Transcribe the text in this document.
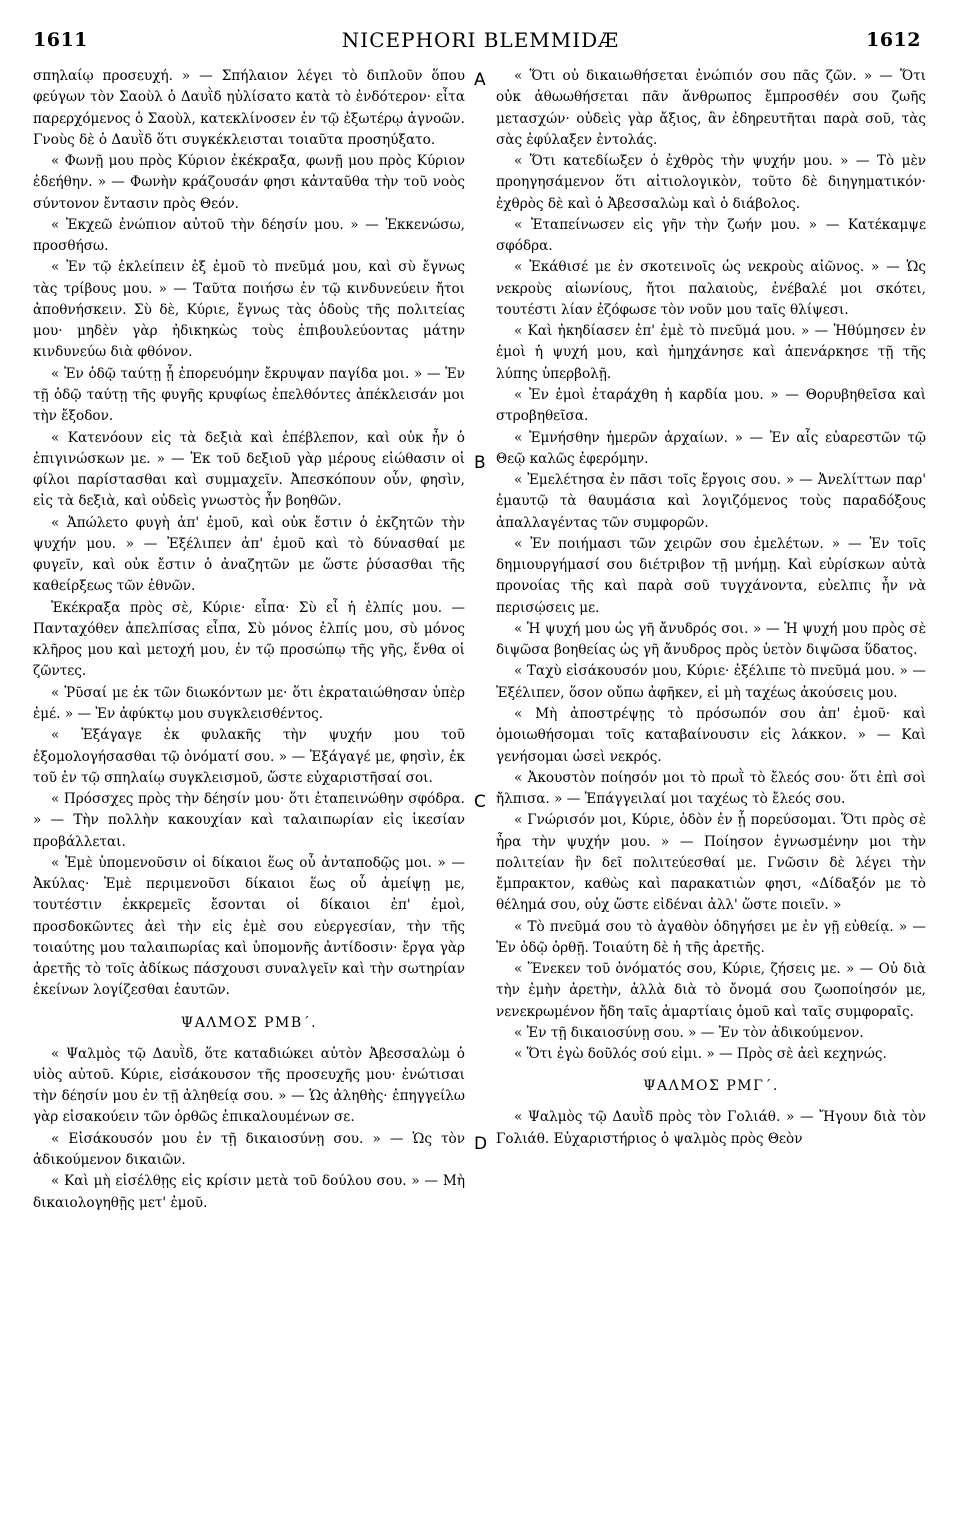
1611	NICEPHORI BLEMMIDÆ	1612

σπηλαίῳ προσευχή. » — Σπήλαιον λέγει τὸ διπλοῦν ὅπου φεύγων τὸν Σαοὺλ ὁ Δαυῒδ ηὐλίσατο κατὰ τὸ ἐνδότερον· εἶτα παρερχόμενος ὁ Σαοὺλ, κατεκλίνοσεν ἐν τῷ ἐξωτέρῳ ἀγνοῶν. Γνοὺς δὲ ὁ Δαυῒδ ὅτι συγκέκλεισται τοιαῦτα προσηύξατο.

« Φωνῇ μου πρὸς Κύριον ἐκέκραξα, φωνῇ μου πρὸς Κύριον ἐδεήθην. » — Φωνὴν κράζουσάν φησι κἀνταῦθα τὴν τοῦ νοὸς σύντονον ἔντασιν πρὸς Θεόν.

« Ἐκχεῶ ἐνώπιον αὐτοῦ τὴν δέησίν μου. » — Ἐκκενώσω, προσθήσω.

« Ἐν τῷ ἐκλείπειν ἐξ ἐμοῦ τὸ πνεῦμά μου, καὶ σὺ ἔγνως τὰς τρίβους μου. » — Ταῦτα ποιήσω ἐν τῷ κινδυνεύειν ἤτοι ἀποθνήσκειν. Σὺ δὲ, Κύριε, ἔγνως τὰς ὁδοὺς τῆς πολιτείας μου· μηδὲν γὰρ ἠδικηκὼς τοὺς ἐπιβουλεύοντας μάτην κινδυνεύω διὰ φθόνον.

« Ἐν ὁδῷ ταύτῃ ᾗ ἐπορευόμην ἔκρυψαν παγίδα μοι. » — Ἐν τῇ ὁδῷ ταύτῃ τῆς φυγῆς κρυφίως ἐπελθόντες ἀπέκλεισάν μοι τὴν ἔξοδον.

« Κατενόουν εἰς τὰ δεξιὰ καὶ ἐπέβλεπον, καὶ οὐκ ἦν ὁ ἐπιγινώσκων με. » — Ἐκ τοῦ δεξιοῦ γὰρ μέρους εἰώθασιν οἱ φίλοι παρίστασθαι καὶ συμμαχεῖν. Ἀπεσκόπουν οὖν, φησὶν, εἰς τὰ δεξιὰ, καὶ οὐδεὶς γνωστὸς ἦν βοηθῶν.

« Ἀπώλετο φυγὴ ἀπ' ἐμοῦ, καὶ οὐκ ἔστιν ὁ ἐκζητῶν τὴν ψυχήν μου. » — Ἐξέλιπεν ἀπ' ἐμοῦ καὶ τὸ δύνασθαί με φυγεῖν, καὶ οὐκ ἔστιν ὁ ἀναζητῶν με ὥστε ῥύσασθαι τῆς καθείρξεως τῶν ἐθνῶν.

Ἐκέκραξα πρὸς σὲ, Κύριε· εἶπα· Σὺ εἶ ἡ ἐλπίς μου. — Πανταχόθεν ἀπελπίσας εἶπα, Σὺ μόνος ἐλπίς μου, σὺ μόνος κλῆρος μου καὶ μετοχή μου, ἐν τῷ προσώπῳ τῆς γῆς, ἔνθα οἱ ζῶντες.

« Ῥῦσαί με ἐκ τῶν διωκόντων με· ὅτι ἐκραταιώθησαν ὑπὲρ ἐμέ. » — Ἐν ἀφύκτῳ μου συγκλεισθέντος.

« Ἐξάγαγε ἐκ φυλακῆς τὴν ψυχήν μου τοῦ ἐξομολογήσασθαι τῷ ὀνόματί σου. » — Ἐξάγαγέ με, φησὶν, ἐκ τοῦ ἐν τῷ σπηλαίῳ συγκλεισμοῦ, ὥστε εὐχαριστῆσαί σοι.

« Πρόσσχες πρὸς τὴν δέησίν μου· ὅτι ἐταπεινώθην σφόδρα. » — Τὴν πολλὴν κακουχίαν καὶ ταλαιπωρίαν εἰς ἱκεσίαν προβάλλεται.

« Ἐμὲ ὑπομενοῦσιν οἱ δίκαιοι ἕως οὗ ἀνταποδῷς μοι. » — Ἀκύλας· Ἐμὲ περιμενοῦσι δίκαιοι ἕως οὗ ἀμείψῃ με, τουτέστιν ἐκκρεμεῖς ἔσονται οἱ δίκαιοι ἐπ' ἐμοὶ, προσδοκῶντες ἀεὶ τὴν εἰς ἐμὲ σου εὐεργεσίαν, τὴν τῆς τοιαύτης μου ταλαιπωρίας καὶ ὑπομονῆς ἀντίδοσιν· ἔργα γὰρ ἀρετῆς τὸ τοῖς ἀδίκως πάσχουσι συναλγεῖν καὶ τὴν σωτηρίαν ἐκείνων λογίζεσθαι ἑαυτῶν.

ΨΑΛΜΟΣ ΡΜΒ΄.

« Ψαλμὸς τῷ Δαυῒδ, ὅτε καταδιώκει αὐτὸν Ἀβεσσαλὼμ ὁ υἱὸς αὐτοῦ. Κύριε, εἰσάκουσον τῆς προσευχῆς μου· ἐνώτισαι τὴν δέησίν μου ἐν τῇ ἀληθείᾳ σου. » — Ὡς ἀληθὴς· ἐπηγγείλω γὰρ εἰσακούειν τῶν ὀρθῶς ἐπικαλουμένων σε.

« Εἰσάκουσόν μου ἐν τῇ δικαιοσύνῃ σου. » — Ὡς τὸν ἀδικούμενον δικαιῶν.

« Καὶ μὴ εἰσέλθῃς εἰς κρίσιν μετὰ τοῦ δούλου σου. » — Μὴ δικαιολογηθῇς μετ' ἐμοῦ.

« Ὅτι οὐ δικαιωθήσεται ἐνώπιόν σου πᾶς ζῶν. » — Ὅτι οὐκ ἀθωωθήσεται πᾶν ἄνθρωπος ἔμπροσθέν σου ζωῆς μετασχών· οὐδεὶς γὰρ ἄξιος, ἂν ἐδηρευτῆται παρὰ σοῦ, τὰς σὰς ἐφύλαξεν ἐντολάς.

« Ὅτι κατεδίωξεν ὁ ἐχθρὸς τὴν ψυχήν μου. » — Τὸ μὲν προηγησάμενον ὅτι αἰτιολογικὸν, τοῦτο δὲ διηγηματικόν· ἐχθρὸς δὲ καὶ ὁ Ἀβεσσαλὼμ καὶ ὁ διάβολος.

« Ἐταπείνωσεν εἰς γῆν τὴν ζωήν μου. » — Κατέκαμψε σφόδρα.

« Ἐκάθισέ με ἐν σκοτεινοῖς ὡς νεκροὺς αἰῶνος. » — Ὡς νεκροὺς αἰωνίους, ἤτοι παλαιοὺς, ἐνέβαλέ μοι σκότει, τουτέστι λίαν ἐζόφωσε τὸν νοῦν μου ταῖς θλίψεσι.

« Καὶ ἠκηδίασεν ἐπ' ἐμὲ τὸ πνεῦμά μου. » — Ἠθύμησεν ἐν ἐμοὶ ἡ ψυχή μου, καὶ ἠμηχάνησε καὶ ἀπενάρκησε τῇ τῆς λύπης ὑπερβολῇ.

« Ἐν ἐμοὶ ἐταράχθη ἡ καρδία μου. » — Θορυβηθεῖσα καὶ στροβηθεῖσα.

« Ἐμνήσθην ἡμερῶν ἀρχαίων. » — Ἐν αἷς εὐαρεστῶν τῷ Θεῷ καλῶς ἐφερόμην.

« Ἐμελέτησα ἐν πᾶσι τοῖς ἔργοις σου. » — Ἀνελίττων παρ' ἐμαυτῷ τὰ θαυμάσια καὶ λογιζόμενος τοὺς παραδόξους ἀπαλλαγέντας τῶν συμφορῶν.

« Ἐν ποιήμασι τῶν χειρῶν σου ἐμελέτων. » — Ἐν τοῖς δημιουργήμασί σου διέτριβον τῇ μνήμῃ. Καὶ εὑρίσκων αὐτὰ προνοίας τῆς καὶ παρὰ σοῦ τυγχάνοντα, εὐελπις ἦν νὰ περισῴσεις με.

« Ἡ ψυχή μου ὡς γῆ ἄνυδρός σοι. » — Ἡ ψυχή μου πρὸς σὲ διψῶσα βοηθείας ὡς γῆ ἄνυδρος πρὸς ὑετὸν διψῶσα ὕδατος.

« Ταχὺ εἰσάκουσόν μου, Κύριε· ἐξέλιπε τὸ πνεῦμά μου. » — Ἐξέλιπεν, ὅσον οὔπω ἀφῆκεν, εἰ μὴ ταχέως ἀκούσεις μου.

« Μὴ ἀποστρέψῃς τὸ πρόσωπόν σου ἀπ' ἐμοῦ· καὶ ὁμοιωθήσομαι τοῖς καταβαίνουσιν εἰς λάκκον. » — Καὶ γενήσομαι ὡσεὶ νεκρός.

« Ἀκουστὸν ποίησόν μοι τὸ πρωῒ τὸ ἔλεός σου· ὅτι ἐπὶ σοὶ ἤλπισα. » — Ἐπάγγειλαί μοι ταχέως τὸ ἔλεός σου.

« Γνώρισόν μοι, Κύριε, ὁδὸν ἐν ᾗ πορεύσομαι. Ὅτι πρὸς σὲ ἦρα τὴν ψυχήν μου. » — Ποίησον ἐγνωσμένην μοι τὴν πολιτείαν ἣν δεῖ πολιτεύεσθαί με. Γνῶσιν δὲ λέγει τὴν ἔμπρακτον, καθὼς καὶ παρακατιὼν φησι, «Δίδαξόν με τὸ θέλημά σου, οὐχ ὥστε εἰδέναι ἀλλ' ὥστε ποιεῖν. »

« Τὸ πνεῦμά σου τὸ ἀγαθὸν ὁδηγήσει με ἐν γῇ εὐθείᾳ. » — Ἐν ὁδῷ ὀρθῇ. Τοιαύτη δὲ ἡ τῆς ἀρετῆς.

« Ἕνεκεν τοῦ ὀνόματός σου, Κύριε, ζήσεις με. » — Οὐ διὰ τὴν ἐμὴν ἀρετὴν, ἀλλὰ διὰ τὸ ὄνομά σου ζωοποίησόν με, νενεκρωμένον ἤδη ταῖς ἁμαρτίαις ὁμοῦ καὶ ταῖς συμφοραῖς.

« Ἐν τῇ δικαιοσύνῃ σου. » — Ἐν τὸν ἀδικούμενον.

« Ὅτι ἐγὼ δοῦλός σού εἰμι. » — Πρὸς σὲ ἀεὶ κεχηνώς.

ΨΑΛΜΟΣ ΡΜΓ΄.

« Ψαλμὸς τῷ Δαυῒδ πρὸς τὸν Γολιάθ. » — Ἤγουν διὰ τὸν Γολιάθ. Εὐχαριστήριος ὁ ψαλμὸς πρὸς Θεὸν

A
B
C
D
